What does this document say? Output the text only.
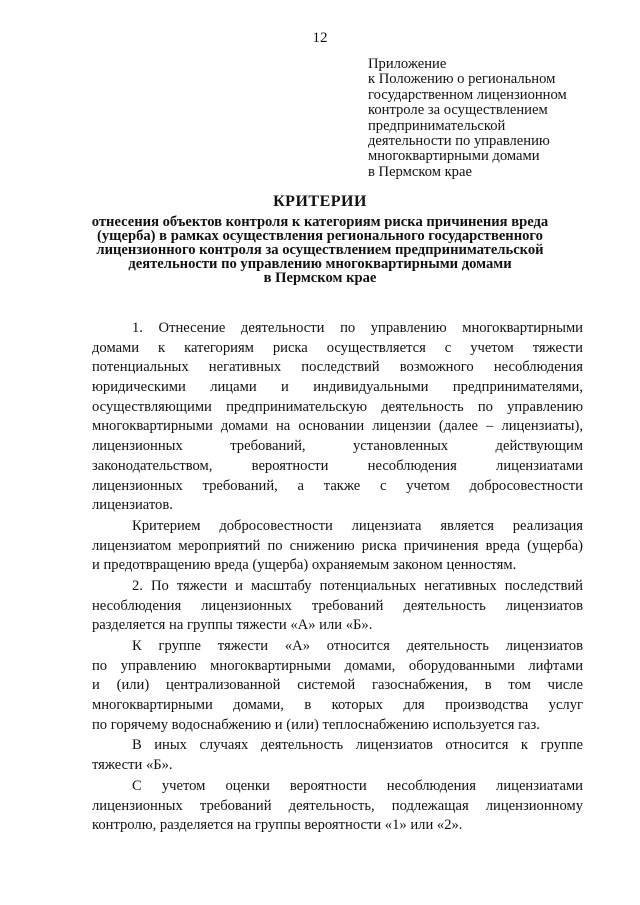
12
Приложение
к Положению о региональном
государственном лицензионном
контроле за осуществлением
предпринимательской
деятельности по управлению
многоквартирными домами
в Пермском крае
КРИТЕРИИ
отнесения объектов контроля к категориям риска причинения вреда
(ущерба) в рамках осуществления регионального государственного
лицензионного контроля за осуществлением предпринимательской
деятельности по управлению многоквартирными домами
в Пермском крае
1. Отнесение деятельности по управлению многоквартирными
домами к категориям риска осуществляется с учетом тяжести
потенциальных негативных последствий возможного несоблюдения
юридическими лицами и индивидуальными предпринимателями,
осуществляющими предпринимательскую деятельность по управлению
многоквартирными домами на основании лицензии (далее – лицензиаты),
лицензионных требований, установленных действующим
законодательством, вероятности несоблюдения лицензиатами
лицензионных требований, а также с учетом добросовестности
лицензиатов.
Критерием добросовестности лицензиата является реализация
лицензиатом мероприятий по снижению риска причинения вреда (ущерба)
и предотвращению вреда (ущерба) охраняемым законом ценностям.
2. По тяжести и масштабу потенциальных негативных последствий
несоблюдения лицензионных требований деятельность лицензиатов
разделяется на группы тяжести «А» или «Б».
К группе тяжести «А» относится деятельность лицензиатов
по управлению многоквартирными домами, оборудованными лифтами
и (или) централизованной системой газоснабжения, в том числе
многоквартирными домами, в которых для производства услуг
по горячему водоснабжению и (или) теплоснабжению используется газ.
В иных случаях деятельность лицензиатов относится к группе
тяжести «Б».
С учетом оценки вероятности несоблюдения лицензиатами
лицензионных требований деятельность, подлежащая лицензионному
контролю, разделяется на группы вероятности «1» или «2».
